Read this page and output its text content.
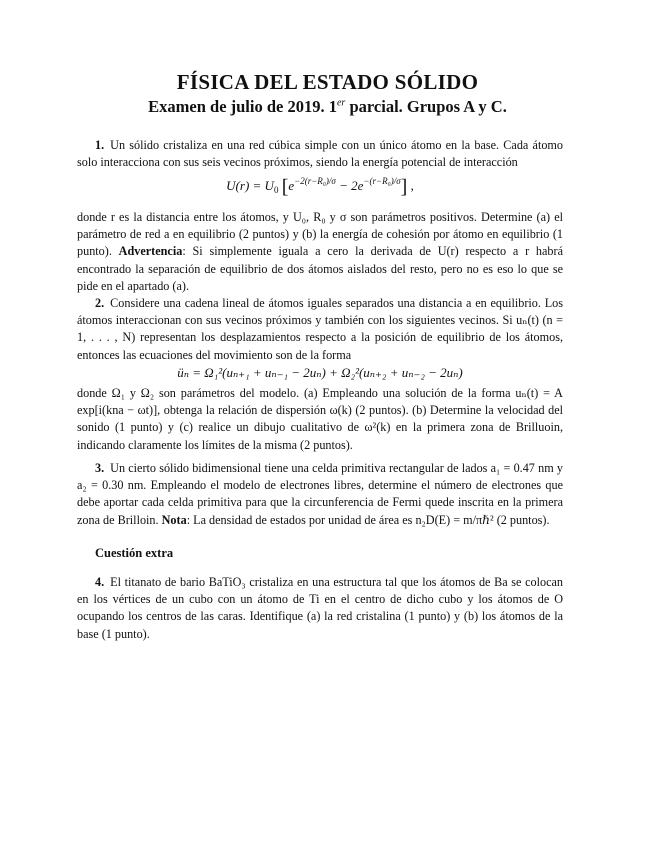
FÍSICA DEL ESTADO SÓLIDO
Examen de julio de 2019. 1er parcial. Grupos A y C.
1. Un sólido cristaliza en una red cúbica simple con un único átomo en la base. Cada átomo solo interacciona con sus seis vecinos próximos, siendo la energía potencial de interacción
$U(r) = U_0$ $[e^{-2(r-R_0)/\sigma} - 2e^{-(r-R_0)/\sigma}]$ ,
donde r es la distancia entre los átomos, y U₀, R₀ y σ son parámetros positivos. Determine (a) el parámetro de red a en equilibrio (2 puntos) y (b) la energía de cohesión por átomo en equilibrio (1 punto). Advertencia: Si simplemente iguala a cero la derivada de U(r) respecto a r habrá encontrado la separación de equilibrio de dos átomos aislados del resto, pero no es eso lo que se pide en el apartado (a).
2. Considere una cadena lineal de átomos iguales separados una distancia a en equilibrio. Los átomos interaccionan con sus vecinos próximos y también con los siguientes vecinos. Si uₙ(t) (n = 1, . . . , N) representan los desplazamientos respecto a la posición de equilibrio de los átomos, entonces las ecuaciones del movimiento son de la forma
üₙ = Ω₁²(uₙ₊₁ + uₙ₋₁ − 2uₙ) + Ω₂²(uₙ₊₂ + uₙ₋₂ − 2uₙ)
donde Ω₁ y Ω₂ son parámetros del modelo. (a) Empleando una solución de la forma uₙ(t) = A exp[i(kna − ωt)], obtenga la relación de dispersión ω(k) (2 puntos). (b) Determine la velocidad del sonido (1 punto) y (c) realice un dibujo cualitativo de ω²(k) en la primera zona de Brilluoin, indicando claramente los límites de la misma (2 puntos).
3. Un cierto sólido bidimensional tiene una celda primitiva rectangular de lados a₁ = 0.47 nm y a₂ = 0.30 nm. Empleando el modelo de electrones libres, determine el número de electrones que debe aportar cada celda primitiva para que la circunferencia de Fermi quede inscrita en la primera zona de Brilloin. Nota: La densidad de estados por unidad de área es n₂D(E) = m/πℏ² (2 puntos).
Cuestión extra
4. El titanato de bario BaTiO₃ cristaliza en una estructura tal que los átomos de Ba se colocan en los vértices de un cubo con un átomo de Ti en el centro de dicho cubo y los átomos de O ocupando los centros de las caras. Identifique (a) la red cristalina (1 punto) y (b) los átomos de la base (1 punto).
